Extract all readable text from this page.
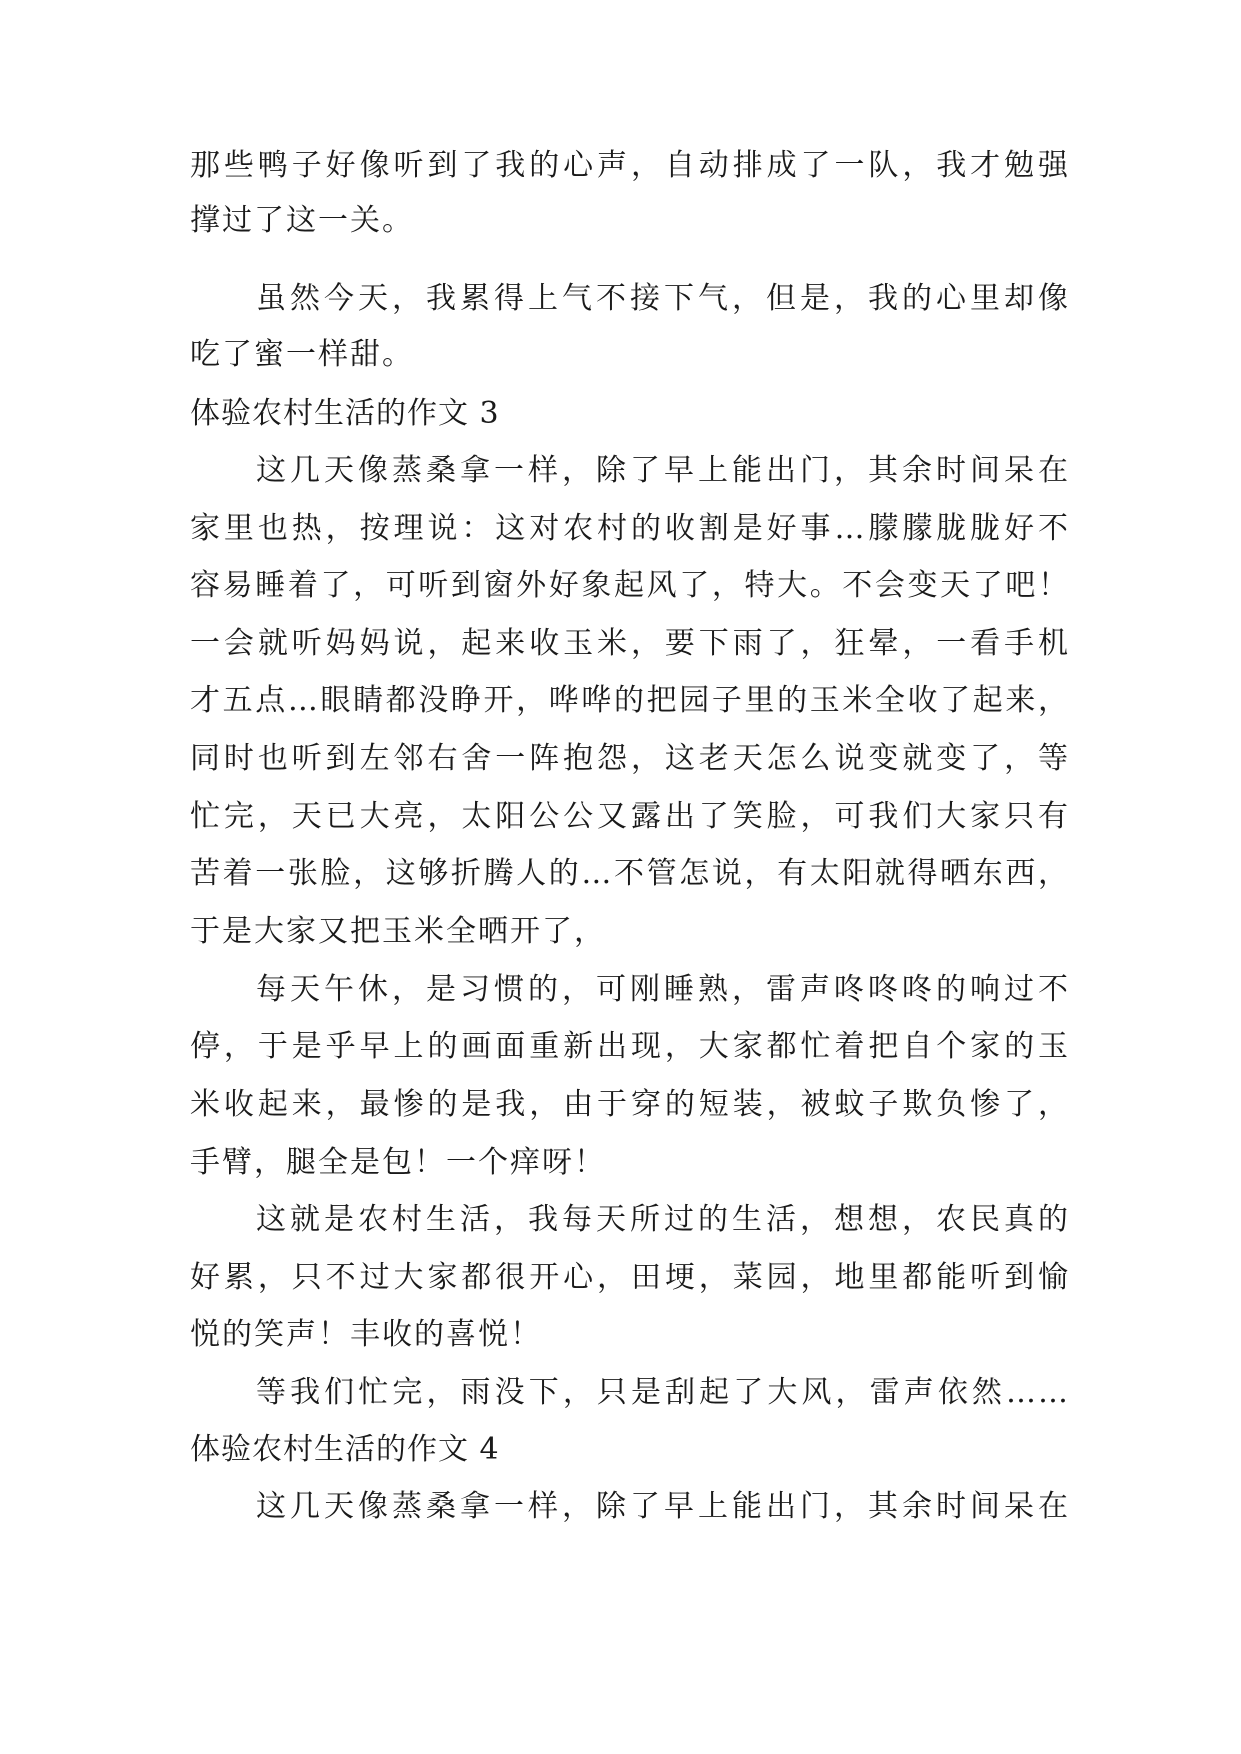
那些鸭子好像听到了我的心声，自动排成了一队，我才勉强
撑过了这一关。
虽然今天，我累得上气不接下气，但是，我的心里却像
吃了蜜一样甜。
体验农村生活的作文 3
这几天像蒸桑拿一样，除了早上能出门，其余时间呆在
家里也热，按理说：这对农村的收割是好事…朦朦胧胧好不
容易睡着了，可听到窗外好象起风了，特大。不会变天了吧！
一会就听妈妈说，起来收玉米，要下雨了，狂晕，一看手机
才五点…眼睛都没睁开，哗哗的把园子里的玉米全收了起来，
同时也听到左邻右舍一阵抱怨，这老天怎么说变就变了，等
忙完，天已大亮，太阳公公又露出了笑脸，可我们大家只有
苦着一张脸，这够折腾人的…不管怎说，有太阳就得晒东西，
于是大家又把玉米全晒开了，
每天午休，是习惯的，可刚睡熟，雷声咚咚咚的响过不
停，于是乎早上的画面重新出现，大家都忙着把自个家的玉
米收起来，最惨的是我，由于穿的短装，被蚊子欺负惨了，
手臂，腿全是包！一个痒呀！
这就是农村生活，我每天所过的生活，想想，农民真的
好累，只不过大家都很开心，田埂，菜园，地里都能听到愉
悦的笑声！丰收的喜悦！
等我们忙完，雨没下，只是刮起了大风，雷声依然……
体验农村生活的作文 4
这几天像蒸桑拿一样，除了早上能出门，其余时间呆在
